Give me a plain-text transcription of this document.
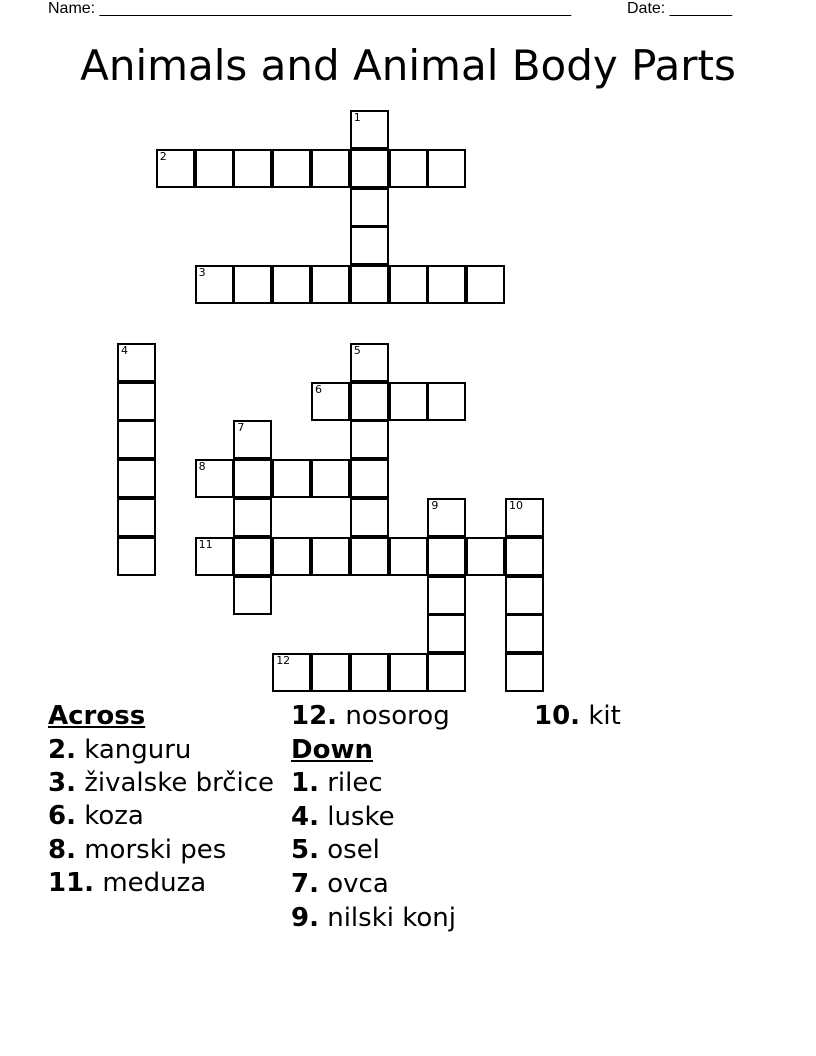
Name: _____________________________________________________	Date: _______
Animals and Animal Body Parts
1
2
3
4	5
6
7
8
9	10
11
12
Across
2. kanguru
3. živalske brčice
6. koza
8. morski pes
11. meduza
12. nosorog
Down
1. rilec
4. luske
5. osel
7. ovca
9. nilski konj
10. kit
